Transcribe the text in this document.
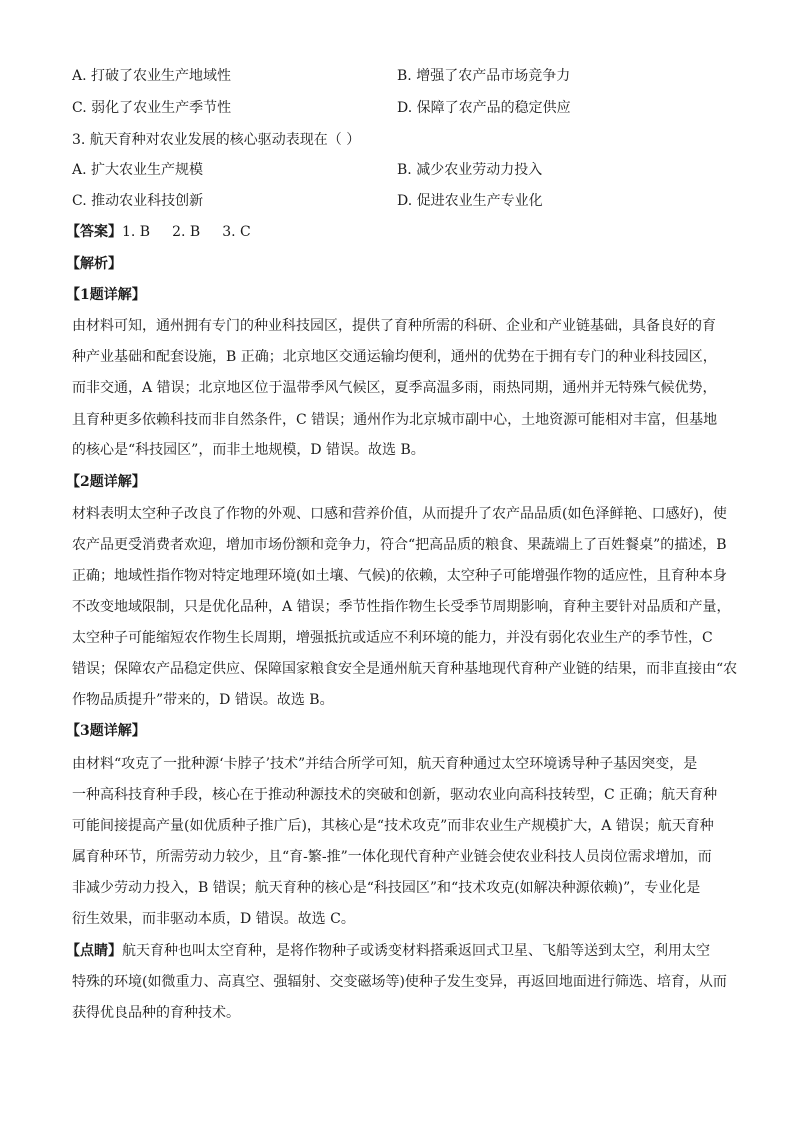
A. 打破了农业生产地域性	B. 增强了农产品市场竞争力
C. 弱化了农业生产季节性	D. 保障了农产品的稳定供应
3. 航天育种对农业发展的核心驱动表现在（ ）
A. 扩大农业生产规模	B. 减少农业劳动力投入
C. 推动农业科技创新	D. 促进农业生产专业化
【答案】1. B 2. B 3. C
【解析】
【1题详解】
由材料可知，通州拥有专门的种业科技园区，提供了育种所需的科研、企业和产业链基础，具备良好的育
种产业基础和配套设施，B 正确；北京地区交通运输均便利，通州的优势在于拥有专门的种业科技园区，
而非交通，A 错误；北京地区位于温带季风气候区，夏季高温多雨，雨热同期，通州并无特殊气候优势，
且育种更多依赖科技而非自然条件，C 错误；通州作为北京城市副中心，土地资源可能相对丰富，但基地
的核心是“科技园区”，而非土地规模，D 错误。故选 B。
【2题详解】
材料表明太空种子改良了作物的外观、口感和营养价值，从而提升了农产品品质(如色泽鲜艳、口感好)，使
农产品更受消费者欢迎，增加市场份额和竞争力，符合“把高品质的粮食、果蔬端上了百姓餐桌”的描述，B
正确；地域性指作物对特定地理环境(如土壤、气候)的依赖，太空种子可能增强作物的适应性，且育种本身
不改变地域限制，只是优化品种，A 错误；季节性指作物生长受季节周期影响，育种主要针对品质和产量，
太空种子可能缩短农作物生长周期，增强抵抗或适应不利环境的能力，并没有弱化农业生产的季节性，C
错误；保障农产品稳定供应、保障国家粮食安全是通州航天育种基地现代育种产业链的结果，而非直接由“农
作物品质提升”带来的，D 错误。故选 B。
【3题详解】
由材料“攻克了一批种源‘卡脖子’技术”并结合所学可知，航天育种通过太空环境诱导种子基因突变，是
一种高科技育种手段，核心在于推动种源技术的突破和创新，驱动农业向高科技转型，C 正确；航天育种
可能间接提高产量(如优质种子推广后)，其核心是“技术攻克”而非农业生产规模扩大，A 错误；航天育种
属育种环节，所需劳动力较少，且“育-繁-推”一体化现代育种产业链会使农业科技人员岗位需求增加，而
非减少劳动力投入，B 错误；航天育种的核心是“科技园区”和“技术攻克(如解决种源依赖)”，专业化是
衍生效果，而非驱动本质，D 错误。故选 C。
【点睛】航天育种也叫太空育种，是将作物种子或诱变材料搭乘返回式卫星、飞船等送到太空，利用太空
特殊的环境(如微重力、高真空、强辐射、交变磁场等)使种子发生变异，再返回地面进行筛选、培育，从而
获得优良品种的育种技术。
